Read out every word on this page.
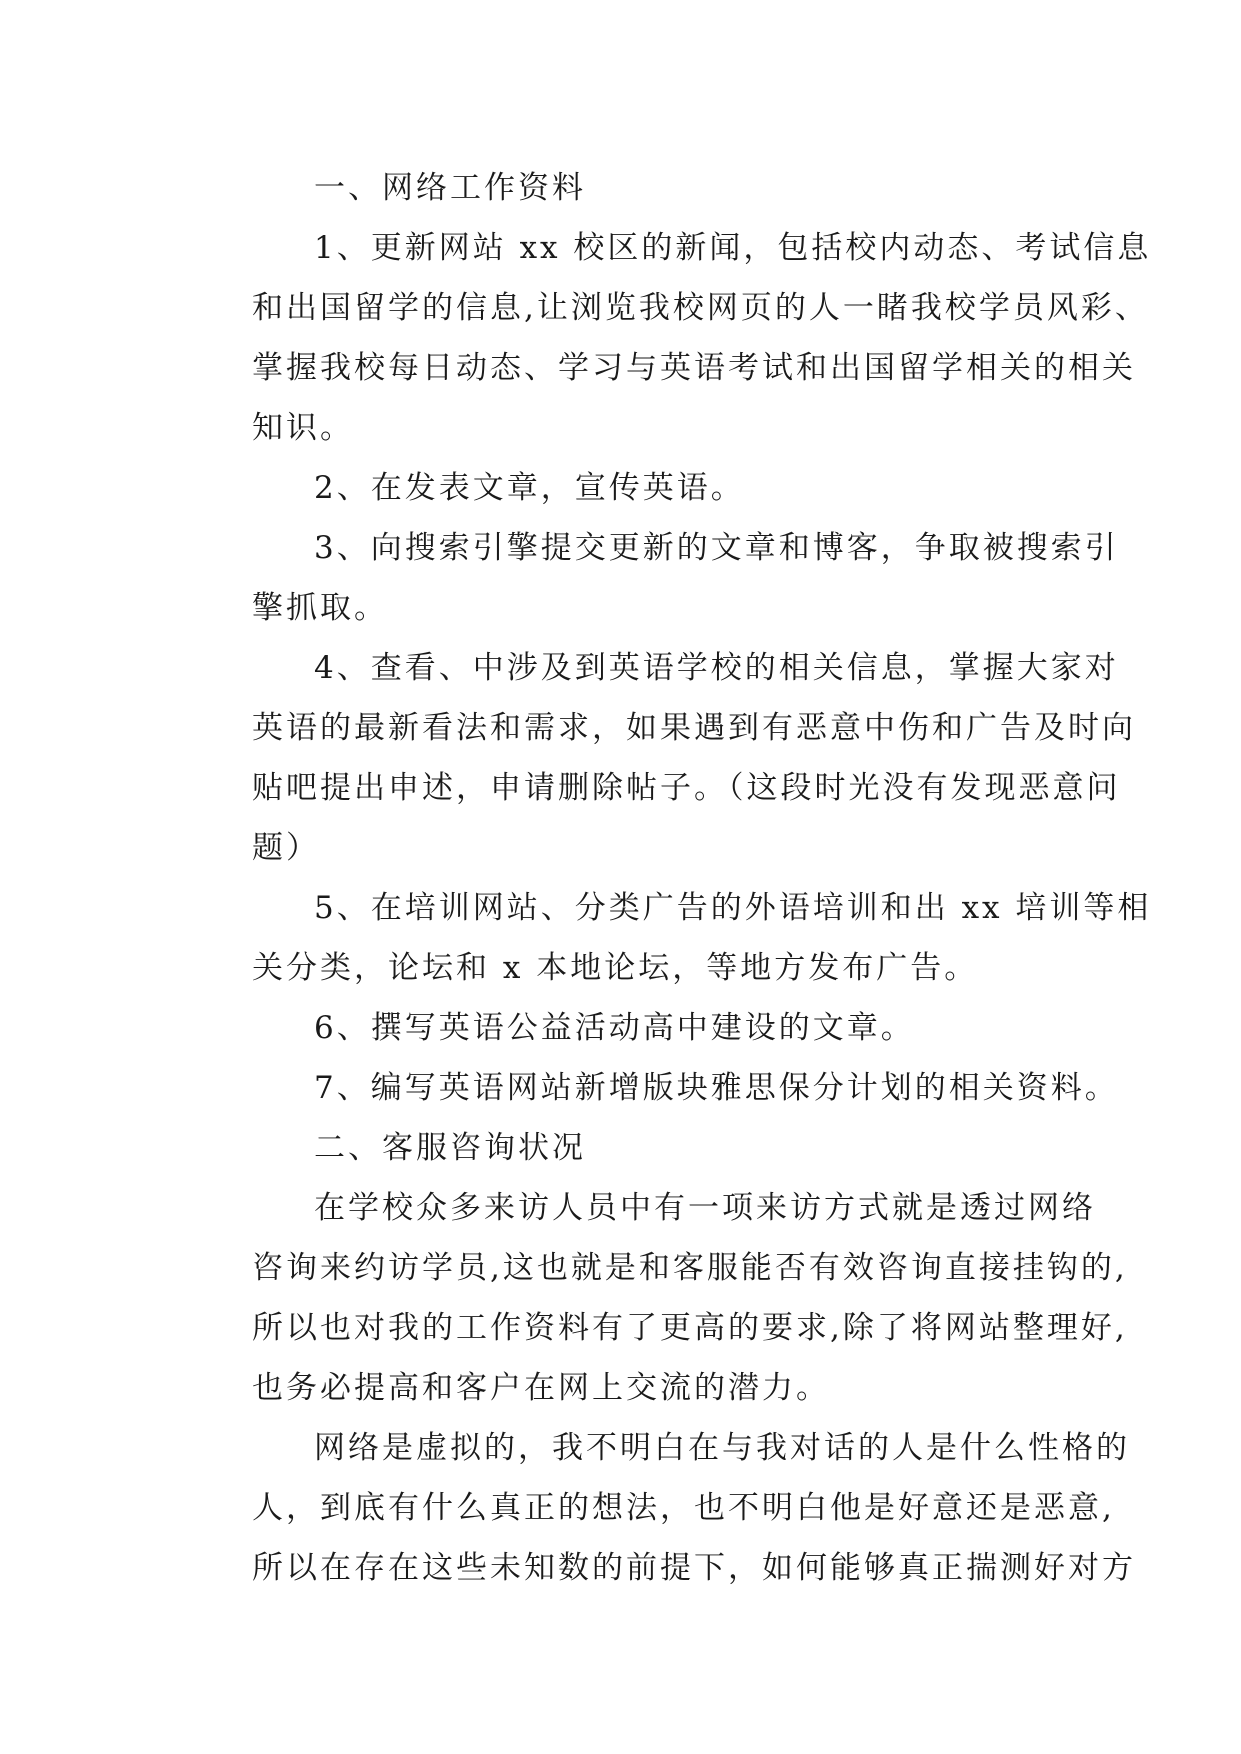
一、网络工作资料
1、更新网站 xx 校区的新闻，包括校内动态、考试信息
和出国留学的信息,让浏览我校网页的人一睹我校学员风彩、
掌握我校每日动态、学习与英语考试和出国留学相关的相关
知识。
2、在发表文章，宣传英语。
3、向搜索引擎提交更新的文章和博客，争取被搜索引
擎抓取。
4、查看、中涉及到英语学校的相关信息，掌握大家对
英语的最新看法和需求，如果遇到有恶意中伤和广告及时向
贴吧提出申述，申请删除帖子。（这段时光没有发现恶意问
题）
5、在培训网站、分类广告的外语培训和出 xx 培训等相
关分类，论坛和 x 本地论坛，等地方发布广告。
6、撰写英语公益活动高中建设的文章。
7、编写英语网站新增版块雅思保分计划的相关资料。
二、客服咨询状况
在学校众多来访人员中有一项来访方式就是透过网络
咨询来约访学员,这也就是和客服能否有效咨询直接挂钩的,
所以也对我的工作资料有了更高的要求,除了将网站整理好,
也务必提高和客户在网上交流的潜力。
网络是虚拟的，我不明白在与我对话的人是什么性格的
人，到底有什么真正的想法，也不明白他是好意还是恶意,
所以在存在这些未知数的前提下，如何能够真正揣测好对方
